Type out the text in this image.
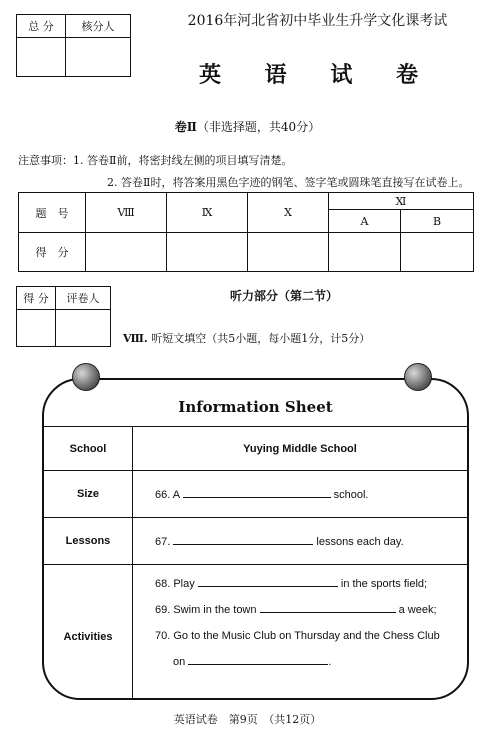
总 分	核分人
		2016年河北省初中毕业生升学文化课考试
英 语 试 卷
卷Ⅱ（非选择题，共40分）
注意事项：1. 答卷Ⅱ前，将密封线左侧的项目填写清楚。
2. 答卷Ⅱ时，将答案用黑色字迹的钢笔、签字笔或圆珠笔直接写在试卷上。
题　号	Ⅷ	Ⅸ	Ⅹ	Ⅺ	
				A	B
得　分					
得 分	评卷人
		听力部分（第二节）
Ⅷ. 听短文填空（共5小题，每小题1分，计5分）
Information Sheet
School	Yuying Middle School
Size	66. A school.
Lessons	67. lessons each day.
Activities	68. Play in the sports field;
69. Swim in the town a week;
70. Go to the Music Club on Thursday and the Chess Club
on .
英语试卷　第9页　（共12页）
